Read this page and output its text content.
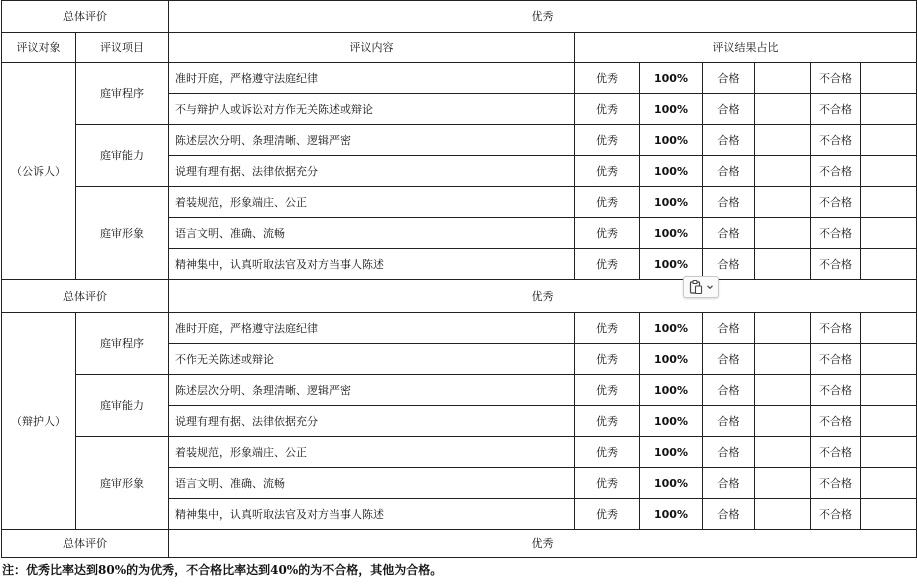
总体评价		优秀						
评议对象	评议项目	评议内容	评议结果占比					
（公诉人）	庭审程序	准时开庭，严格遵守法庭纪律	优秀	100%	合格		不合格	
		不与辩护人或诉讼对方作无关陈述或辩论	优秀	100%	合格		不合格	
	庭审能力	陈述层次分明、条理清晰、逻辑严密	优秀	100%	合格		不合格	
		说理有理有据、法律依据充分	优秀	100%	合格		不合格	
	庭审形象	着装规范，形象端庄、公正	优秀	100%	合格		不合格	
		语言文明、准确、流畅	优秀	100%	合格		不合格	
		精神集中，认真听取法官及对方当事人陈述	优秀	100%	合格		不合格	
总体评价		优秀						
（辩护人）	庭审程序	准时开庭，严格遵守法庭纪律	优秀	100%	合格		不合格	
		不作无关陈述或辩论	优秀	100%	合格		不合格	
	庭审能力	陈述层次分明、条理清晰、逻辑严密	优秀	100%	合格		不合格	
		说理有理有据、法律依据充分	优秀	100%	合格		不合格	
	庭审形象	着装规范，形象端庄、公正	优秀	100%	合格		不合格	
		语言文明、准确、流畅	优秀	100%	合格		不合格	
		精神集中，认真听取法官及对方当事人陈述	优秀	100%	合格		不合格	
总体评价		优秀						
注：优秀比率达到80%的为优秀，不合格比率达到40%的为不合格，其他为合格。
